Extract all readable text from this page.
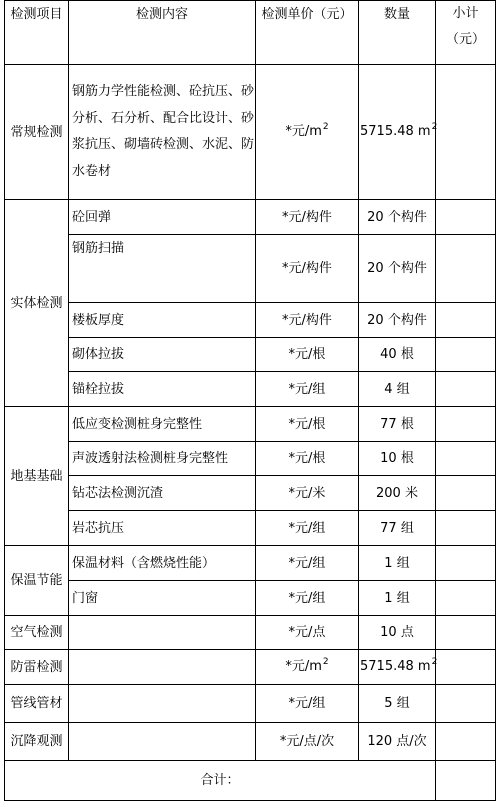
检测项目	检测内容	检测单价（元）	数量	小计
（元）

常规检测	钢筋力学性能检测、砼抗压、砂分析、石分析、配合比设计、砂浆抗压、砌墙砖检测、水泥、防水卷材	*元$/m^2$	5715.48 $m^2$	
实体检测	砼回弹	*元/构件	20 个构件	
	钢筋扫描	*元/构件	20 个构件	
	楼板厚度	*元/构件	20 个构件	
	砌体拉拔	*元/根	40 根	
	锚栓拉拔	*元/组	4 组	
地基基础	低应变检测桩身完整性	*元/根	77 根	
	声波透射法检测桩身完整性	*元/根	10 根	
	钻芯法检测沉渣	*元/米	200 米	
	岩芯抗压	*元/组	77 组	
保温节能	保温材料（含燃烧性能）	*元/组	1 组	
	门窗	*元/组	1 组	
空气检测		*元/点	10 点	
防雷检测		*元$/m^2$	5715.48 $m^2$	
管线管材		*元/组	5 组	
沉降观测		*元/点/次	120 点/次	
合计：				
